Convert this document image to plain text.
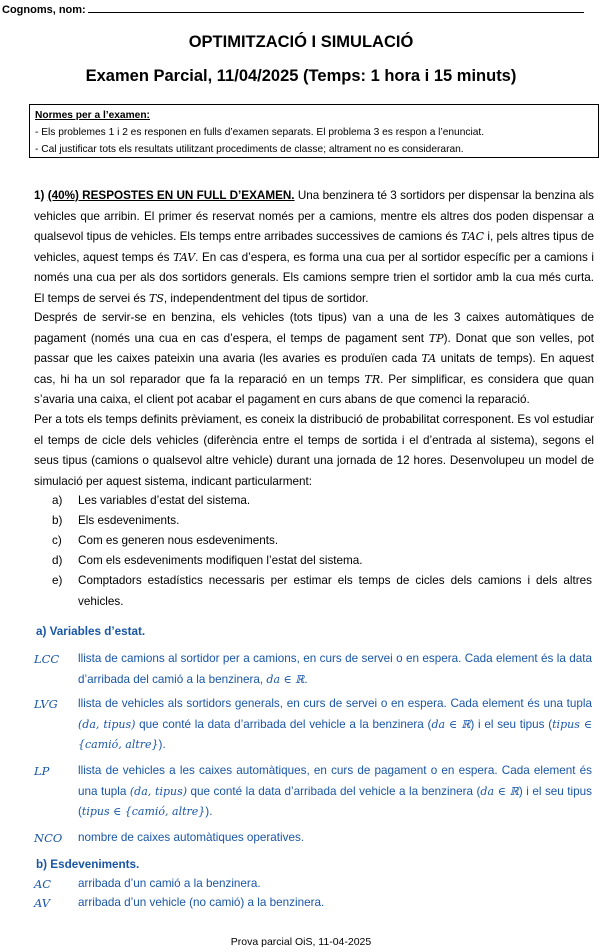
Cognoms, nom:
OPTIMITZACIÓ I SIMULACIÓ
Examen Parcial, 11/04/2025 (Temps: 1 hora i 15 minuts)
Normes per a l’examen:
- Els problemes 1 i 2 es responen en fulls d’examen separats. El problema 3 es respon a l’enunciat.
- Cal justificar tots els resultats utilitzant procediments de classe; altrament no es consideraran.
1) (40%) RESPOSTES EN UN FULL D’EXAMEN. Una benzinera té 3 sortidors per dispensar la benzina als vehicles que arribin. El primer és reservat només per a camions, mentre els altres dos poden dispensar a qualsevol tipus de vehicles. Els temps entre arribades successives de camions és TAC i, pels altres tipus de vehicles, aquest temps és TAV. En cas d’espera, es forma una cua per al sortidor específic per a camions i només una cua per als dos sortidors generals. Els camions sempre trien el sortidor amb la cua més curta. El temps de servei és TS, independentment del tipus de sortidor.
Després de servir-se en benzina, els vehicles (tots tipus) van a una de les 3 caixes automàtiques de pagament (només una cua en cas d’espera, el temps de pagament sent TP). Donat que son velles, pot passar que les caixes pateixin una avaria (les avaries es produïen cada TA unitats de temps). En aquest cas, hi ha un sol reparador que fa la reparació en un temps TR. Per simplificar, es considera que quan s’avaria una caixa, el client pot acabar el pagament en curs abans de que comenci la reparació.
Per a tots els temps definits prèviament, es coneix la distribució de probabilitat corresponent. Es vol estudiar el temps de cicle dels vehicles (diferència entre el temps de sortida i el d’entrada al sistema), segons el seus tipus (camions o qualsevol altre vehicle) durant una jornada de 12 hores. Desenvolupeu un model de simulació per aquest sistema, indicant particularment:
a) Les variables d’estat del sistema.
b) Els esdeveniments.
c) Com es generen nous esdeveniments.
d) Com els esdeveniments modifiquen l’estat del sistema.
e)	Comptadors estadístics necessaris per estimar els temps de cicles dels camions i dels altres vehicles.
a) Variables d’estat.
LCC llista de camions al sortidor per a camions, en curs de servei o en espera. Cada element és la data d’arribada del camió a la benzinera, da ∈ ℝ.
LVG llista de vehicles als sortidors generals, en curs de servei o en espera. Cada element és una tupla (da, tipus) que conté la data d’arribada del vehicle a la benzinera (da ∈ ℝ) i el seu tipus (tipus ∈ {camió, altre}).
LP llista de vehicles a les caixes automàtiques, en curs de pagament o en espera. Cada element és una tupla (da, tipus) que conté la data d’arribada del vehicle a la benzinera (da ∈ ℝ) i el seu tipus (tipus ∈ {camió, altre}).
NCO nombre de caixes automàtiques operatives.
b) Esdeveniments.
AC arribada d’un camió a la benzinera.
AV arribada d’un vehicle (no camió) a la benzinera.
Prova parcial OiS, 11-04-2025
